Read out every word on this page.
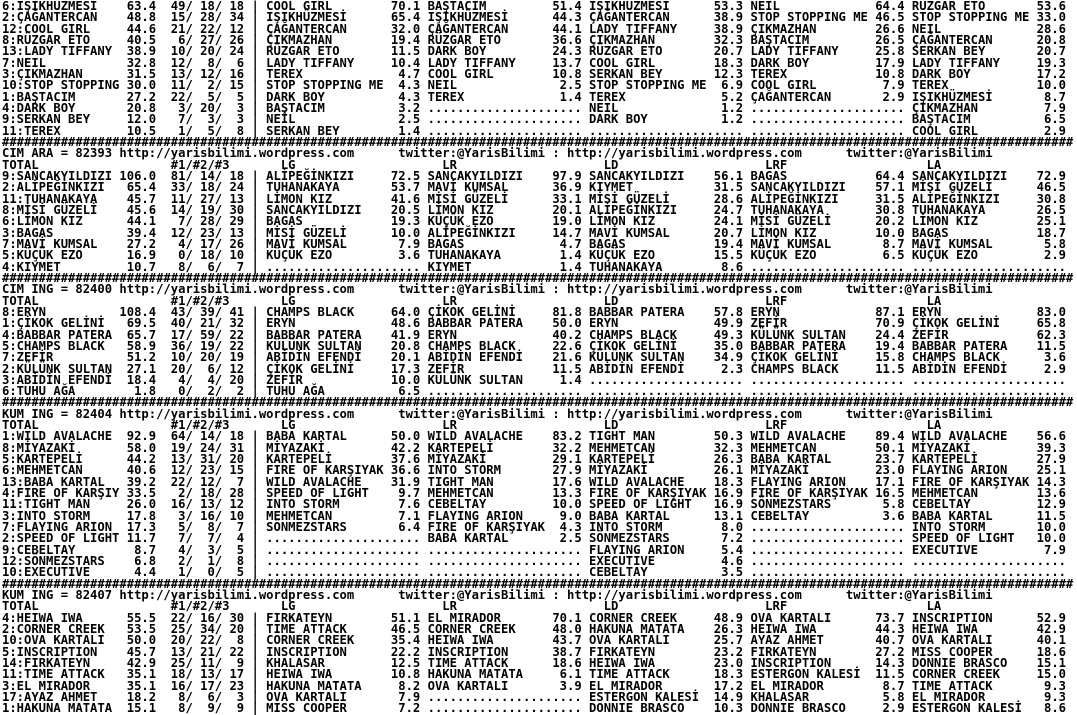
6:IŞIKHÜZMESİ    63.4  49/ 18/ 18 | COOL GIRL        70.1 BAŞTACIM         51.4 IŞIKHÜZMESİ      53.3 NEIL             64.4 RÜZGAR ETO       53.6
2:ÇAĞANTERCAN    48.8  15/ 28/ 34 | IŞIKHÜZMESİ      65.4 IŞIKHÜZMESİ      44.3 ÇAĞANTERCAN      38.9 STOP STOPPING ME 46.5 STOP STOPPING ME 33.0
12:COOL GIRL     44.6  21/ 22/ 12 | ÇAĞANTERCAN      32.0 ÇAĞANTERCAN      44.1 LADY TIFFANY     38.9 ÇIKMAZHAN        26.6 NEIL             28.6
8:RÜZGAR ETO     40.5   6/ 27/ 26 | ÇIKMAZHAN        19.4 RÜZGAR ETO       36.6 ÇIKMAZHAN        32.3 BAŞTACIM         26.5 ÇAĞANTERCAN      20.8
13:LADY TIFFANY  38.9  10/ 20/ 24 | RÜZGAR ETO       11.5 DARK BOY         24.3 RÜZGAR ETO       20.7 LADY TIFFANY     25.8 SERKAN BEY       20.7
7:NEIL           32.8  12/  8/  6 | LADY TIFFANY     10.4 LADY TIFFANY     13.7 COOL GIRL        18.3 DARK BOY         17.9 LADY TIFFANY     19.3
3:ÇIKMAZHAN      31.5  13/ 12/ 16 | TEREX             4.7 COOL GIRL        10.8 SERKAN BEY       12.3 TEREX            10.8 DARK BOY         17.2
10:STOP STOPPING 30.0  11/  2/ 15 | STOP STOPPING ME  4.3 NEIL              2.5 STOP STOPPING ME  6.9 COOL GIRL         7.9 TEREX            10.0
1:BAŞTACIM       27.2  22/  5/  5 | DARK BOY          4.3 TEREX             1.4 TEREX             5.2 ÇAĞANTERCAN       2.9 IŞIKHÜZMESİ       8.7
4:DARK BOY       20.8   3/ 20/  3 | BAŞTACIM          3.2 ..................... NEIL              1.2 ..................... ÇIKMAZHAN         7.9
9:SERKAN BEY     12.0   7/  3/  3 | NEİL              2.5 ..................... DARK BOY          1.2 ..................... BAŞTACIM          6.5
11:TEREX         10.5   1/  5/  8 | SERKAN BEY        1.4 ..................... ..................... ..................... COOL GIRL         2.9
##################################################################################################################################################
CIM ARA = 82393 http://yarisbilimi.wordpress.com	twitter:@YarisBilimi : http://yarisbilimi.wordpress.com	twitter:@YarisBilimi
TOTAL                  #1/#2/#3       LG                    LR                    LD                    LRF                   LA
9:SANCAKYILDIZI 106.0  81/ 14/ 18 | ALİPEĞİNKIZI     72.5 SANCAKYILDIZI    97.9 SANCAKYILDIZI    56.1 BAGAS            64.4 SANCAKYILDIZI    72.9
2:ALİPEĞİNKIZI   65.4  33/ 18/ 24 | TUHANAKAYA       53.7 MAVİ KUMSAL      36.9 KIYMET           31.5 SANCAKYILDIZI    57.1 MİSİ GÜZELİ      46.5
11:TUHANAKAYA    45.7  11/ 27/ 13 | LİMON KIZ        41.6 MİSİ GÜZELİ      33.1 MİSİ GÜZELİ      28.6 ALİPEĞİNKIZI     31.5 ALİPEĞİNKIZI     30.8
8:MİSİ GÜZELİ    45.6  14/ 19/ 30 | SANCAKYILDIZI    20.5 LİMON KIZ        20.1 ALİPEĞİNKIZI     24.7 TUHANAKAYA       30.8 TUHANAKAYA       26.5
6:LİMON KIZ      44.1   7/ 28/ 29 | BAGAS            19.3 KÜÇÜK EZO        19.0 LİMON KIZ        24.1 MİSİ GÜZELİ      20.2 LİMON KIZ        25.1
3:BAGAS          39.4  12/ 23/ 13 | MİSİ GÜZELİ      10.0 ALİPEĞİNKIZI     14.7 MAVİ KUMSAL      20.7 LİMON KIZ        10.0 BAGAS            18.7
7:MAVİ KUMSAL    27.2   4/ 17/ 26 | MAVİ KUMSAL       7.9 BAGAS             4.7 BAGAS            19.4 MAVİ KUMSAL       8.7 MAVİ KUMSAL       5.8
5:KÜÇÜK EZO      16.9   0/ 18/ 10 | KÜÇÜK EZO         3.6 TUHANAKAYA        1.4 KÜÇÜK EZO        15.5 KÜÇÜK EZO         6.5 KÜÇÜK EZO         2.9
4:KIYMET         10.7   8/  6/  7 | ..................... KIYMET            1.4 TUHANAKAYA        8.6 ..................... .....................
##################################################################################################################################################
CIM ING = 82400 http://yarisbilimi.wordpress.com	twitter:@YarisBilimi : http://yarisbilimi.wordpress.com	twitter:@YarisBilimi
TOTAL                  #1/#2/#3       LG                    LR                    LD                    LRF                   LA
8:ERYN          108.4  43/ 39/ 41 | CHAMPS BLACK     64.0 ÇİKOK GELİNİ     81.8 BABBAR PATERA    57.8 ERYN             87.1 ERYN             83.0
1:ÇİKOK GELİNİ   69.5  40/ 21/ 32 | ERYN             48.6 BABBAR PATERA    50.0 ERYN             49.9 ZEFİR            70.9 ÇİKOK GELİNİ     65.8
4:BABBAR PATERA  65.7  17/ 59/ 22 | BABBAR PATERA    41.9 ERYN             40.2 CHAMPS BLACK     49.3 KÜLÜNK SULTAN    24.4 ZEFİR            62.3
5:CHAMPS BLACK   58.9  36/ 19/ 22 | KÜLÜNK SULTAN    20.8 CHAMPS BLACK     22.6 ÇİKOK GELİNİ     35.0 BABBAR PATERA    19.4 BABBAR PATERA    11.5
7:ZEFİR          51.2  10/ 20/ 19 | ABİDİN EFENDİ    20.1 ABİDİN EFENDİ    21.6 KÜLÜNK SULTAN    34.9 ÇİKOK GELİNİ     15.8 CHAMPS BLACK      3.6
2:KÜLÜNK SULTAN  27.1  20/  6/ 12 | ÇİKOK GELİNİ     17.3 ZEFİR            11.5 ABİDİN EFENDİ     2.3 CHAMPS BLACK     11.5 ABİDİN EFENDİ     2.9
3:ABİDİN EFENDİ  18.4   4/  4/ 20 | ZEFİR            10.0 KÜLÜNK SULTAN     1.4 ..................... ..................... .....................
6:TUHU AĞA        1.8   0/  2/  2 | TUHU AĞA          6.5 ..................... ..................... ..................... .....................
##################################################################################################################################################
KUM ING = 82404 http://yarisbilimi.wordpress.com	twitter:@YarisBilimi : http://yarisbilimi.wordpress.com	twitter:@YarisBilimi
TOTAL                  #1/#2/#3       LG                    LR                    LD                    LRF                   LA
1:WILD AVALACHE  92.9  64/ 14/ 18 | BABA KARTAL      50.0 WILD AVALACHE    83.2 TIGHT MAN        50.3 WILD AVALACHE    89.4 WILD AVALACHE    56.6
8:MİYAZAKİ       58.0  19/ 24/ 31 | MİYAZAKİ         42.2 KARTEPELİ        32.2 MEHMETCAN        32.3 MEHMETCAN        50.1 MİYAZAKİ         39.3
5:KARTEPELİ      44.2  13/ 31/ 20 | KARTEPELİ        37.6 MİYAZAKİ         29.1 KARTEPELİ        26.3 BABA KARTAL      23.7 KARTEPELİ        27.9
6:MEHMETCAN      40.6  12/ 23/ 15 | FIRE OF KARŞIYAK 36.6 INTO STORM       27.9 MİYAZAKİ         26.1 MİYAZAKİ         23.0 FLAYING ARION    25.1
13:BABA KARTAL   39.2  22/ 12/  7 | WILD AVALACHE    31.9 TIGHT MAN        17.6 WILD AVALACHE    18.3 FLAYING ARION    17.1 FIRE OF KARŞIYAK 14.3
4:FIRE OF KARŞIY 33.5   2/ 18/ 28 | SPEED OF LIGHT    9.7 MEHMETCAN        13.3 FIRE OF KARŞIYAK 16.9 FIRE OF KARŞIYAK 16.5 MEHMETCAN        13.6
11:TIGHT MAN     26.0  16/ 13/ 12 | INTO STORM        7.6 CEBELTAY         10.0 SPEED OF LIGHT   16.9 SÖNMEZSTARS       5.8 CEBELTAY         12.9
3:INTO STORM     17.8   3/ 16/ 10 | MEHMETCAN         7.1 FLAYING ARION     9.0 BABA KARTAL      13.1 CEBELTAY          3.6 BABA KARTAL      11.5
7:FLAYING ARION  17.3   5/  8/  7 | SÖNMEZSTARS       6.4 FIRE OF KARŞIYAK  4.3 INTO STORM        8.0 ..................... INTO STORM       10.0
2:SPEED OF LIGHT 11.7   7/  7/  4 | ..................... BABA KARTAL       2.5 SÖNMEZSTARS       7.2 ..................... SPEED OF LIGHT   10.0
9:CEBELTAY        8.7   4/  3/  5 | ..................... ..................... FLAYING ARION     5.4 ..................... EXECUTIVE         7.9
12:SÖNMEZSTARS    6.8   2/  1/  8 | ..................... ..................... EXECUTIVE         4.6 ..................... .....................
10:EXECUTIVE      4.4   1/  0/  5 | ..................... ..................... CEBELTAY          3.5 ..................... .....................
##################################################################################################################################################
KUM ING = 82407 http://yarisbilimi.wordpress.com	twitter:@YarisBilimi : http://yarisbilimi.wordpress.com	twitter:@YarisBilimi
TOTAL                  #1/#2/#3       LG                    LR                    LD                    LRF                   LA
4:HEIWA IWA      55.5  22/ 16/ 30 | FIRKATEYN        51.1 EL MIRADOR       70.1 CORNER CREEK     48.9 OVA KARTALI      73.7 INSCRIPTION      52.9
2:CORNER CREEK   53.5  25/ 34/ 20 | TIME ATTACK      46.5 CORNER CREEK     48.0 HAKUNA MATATA    26.3 HEIWA IWA        44.3 HEIWA IWA        42.9
10:OVA KARTALI   50.0  20/ 22/  8 | CORNER CREEK     35.4 HEIWA IWA        43.7 OVA KARTALI      25.7 AYAZ AHMET       40.7 OVA KARTALI      40.1
5:INSCRIPTION    45.7  13/ 21/ 22 | INSCRIPTION      22.2 INSCRIPTION      38.7 FIRKATEYN        23.2 FIRKATEYN        27.2 MISS COOPER      18.6
14:FIRKATEYN     42.9  25/ 11/  9 | KHALASAR         12.5 TIME ATTACK      18.6 HEIWA IWA        23.0 INSCRIPTION      14.3 DONNIE BRASCO    15.1
11:TIME ATTACK   35.1  18/ 13/ 17 | HEIWA IWA        10.8 HAKUNA MATATA     6.1 TIME ATTACK      18.3 ESTERGON KALESİ  11.5 CORNER CREEK     15.0
3:EL MIRADOR     35.1  16/ 17/ 23 | HAKUNA MATATA     8.2 OVA KARTALI       3.9 EL MIRADOR       17.2 EL MIRADOR        8.7 TIME ATTACK       9.3
17:AYAZ AHMET    18.2   8/  6/  3 | OVA KARTALI       7.9 ..................... ESTERGON KALESİ  14.9 KHALASAR          5.8 EL MIRADOR        9.3
1:HAKUNA MATATA  15.1   8/  9/  9 | MISS COOPER       7.2 ..................... DONNIE BRASCO    10.3 DONNIE BRASCO     2.9 ESTERGON KALESİ   8.6
